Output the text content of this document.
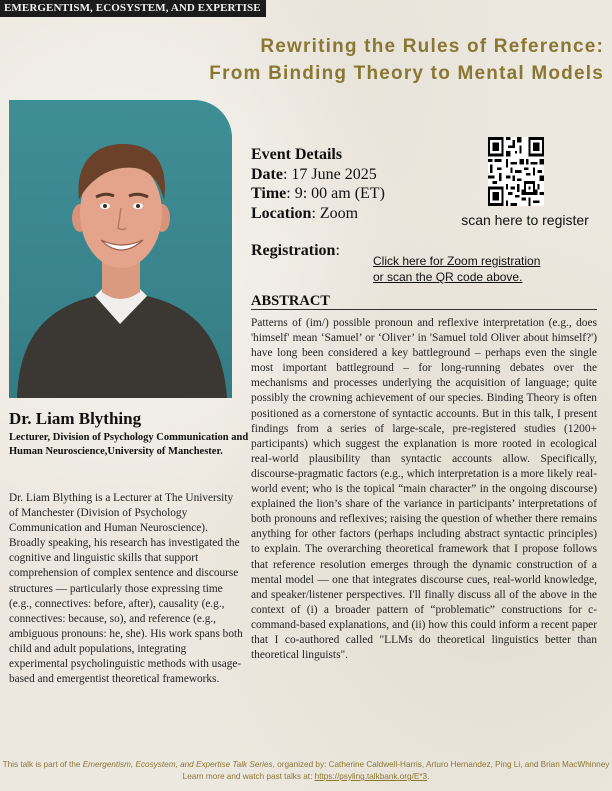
EMERGENTISM, ECOSYSTEM, AND EXPERTISE
Rewriting the Rules of Reference:
From Binding Theory to Mental Models
Dr. Liam Blything
Lecturer, Division of Psychology Communication and Human Neuroscience,University of Manchester.
Dr. Liam Blything is a Lecturer at The University of Manchester (Division of Psychology Communication and Human Neuroscience). Broadly speaking, his research has investigated the cognitive and linguistic skills that support comprehension of complex sentence and discourse structures — particularly those expressing time (e.g., connectives: before, after), causality (e.g., connectives: because, so), and reference (e.g., ambiguous pronouns: he, she). His work spans both child and adult populations, integrating experimental psycholinguistic methods with usage-based and emergentist theoretical frameworks.
Event Details
Date: 17 June 2025
Time: 9: 00 am (ET)
Location: Zoom	scan here to register
Registration:
Click here for Zoom registration
or scan the QR code above.
ABSTRACT
Patterns of (im/) possible pronoun and reflexive interpretation (e.g., does 'himself' mean ‘Samuel’ or ‘Oliver’ in 'Samuel told Oliver about himself?') have long been considered a key battleground – perhaps even the single most important battleground – for long-running debates over the mechanisms and processes underlying the acquisition of language; quite possibly the crowning achievement of our species. Binding Theory is often positioned as a cornerstone of syntactic accounts. But in this talk, I present findings from a series of large-scale, pre-registered studies (1200+ participants) which suggest the explanation is more rooted in ecological real-world plausibility than syntactic accounts allow. Specifically, discourse-pragmatic factors (e.g., which interpretation is a more likely real-world event; who is the topical “main character” in the ongoing discourse) explained the lion’s share of the variance in participants’ interpretations of both pronouns and reflexives; raising the question of whether there remains anything for other factors (perhaps including abstract syntactic principles) to explain. The overarching theoretical framework that I propose follows that reference resolution emerges through the dynamic construction of a mental model — one that integrates discourse cues, real-world knowledge, and speaker/listener perspectives. I'll finally discuss all of the above in the context of (i) a broader pattern of “problematic” constructions for c-command-based explanations, and (ii) how this could inform a recent paper that I co-authored called "LLMs do theoretical linguistics better than theoretical linguists".
This talk is part of the Emergentism, Ecosystem, and Expertise Talk Series, organized by: Catherine Caldwell-Harris, Arturo Hernandez, Ping Li, and Brian MacWhinney
Learn more and watch past talks at: https://psyling.talkbank.org/E*3.
